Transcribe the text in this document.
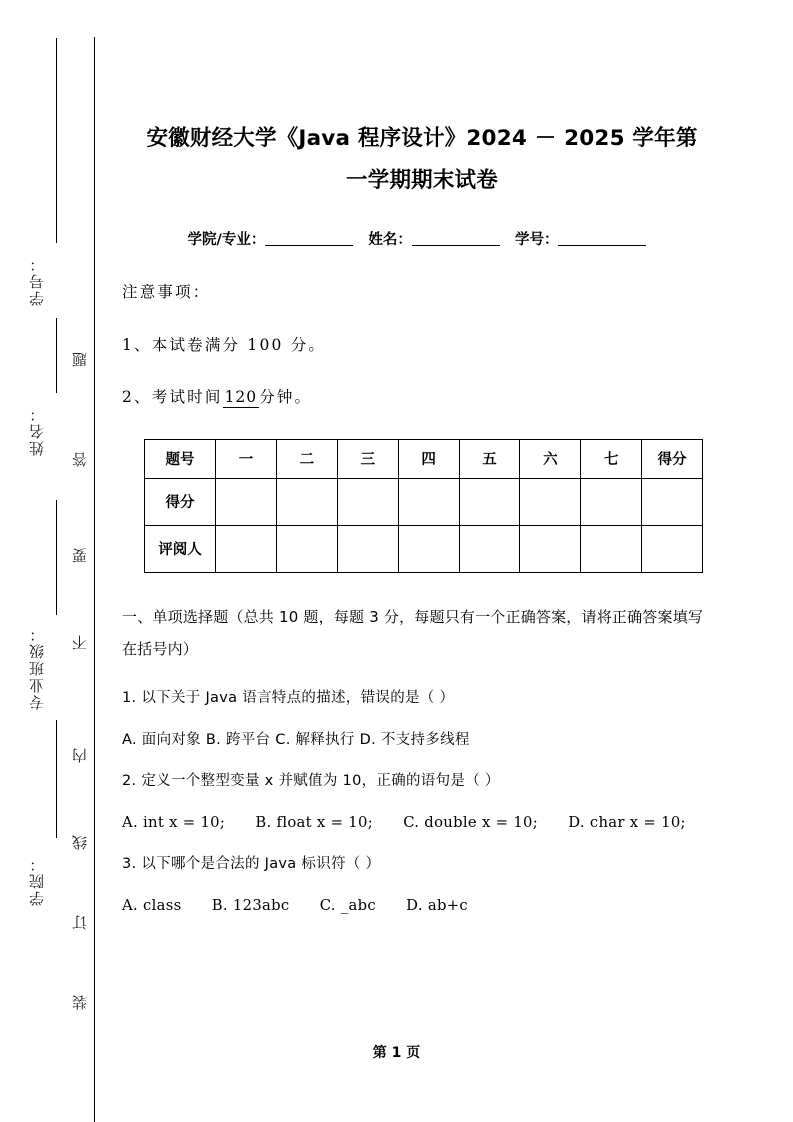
学号：
姓名：
专业班级：
学院：
题
答
要
不
内
线
订
装
安徽财经大学《Java 程序设计》2024 － 2025 学年第
一学期期末试卷
学院/专业：	姓名：	学号：

注意事项：

1、本试卷满分 100 分。

2、考试时间 120 分钟。

题号	一	二	三	四	五	六	七	得分
得分								
评阅人								

一、单项选择题（总共 10 题，每题 3 分，每题只有一个正确答案，请将正确答案填写在括号内）

1. 以下关于 Java 语言特点的描述，错误的是（ ）

A. 面向对象 B. 跨平台 C. 解释执行 D. 不支持多线程

2. 定义一个整型变量 x 并赋值为 10，正确的语句是（ ）

A. int x = 10;　　B. float x = 10;　　C. double x = 10;　　D. char x = 10;

3. 以下哪个是合法的 Java 标识符（ ）

A. class　　B. 123abc　　C. _abc　　D. ab+c

第 1 页
